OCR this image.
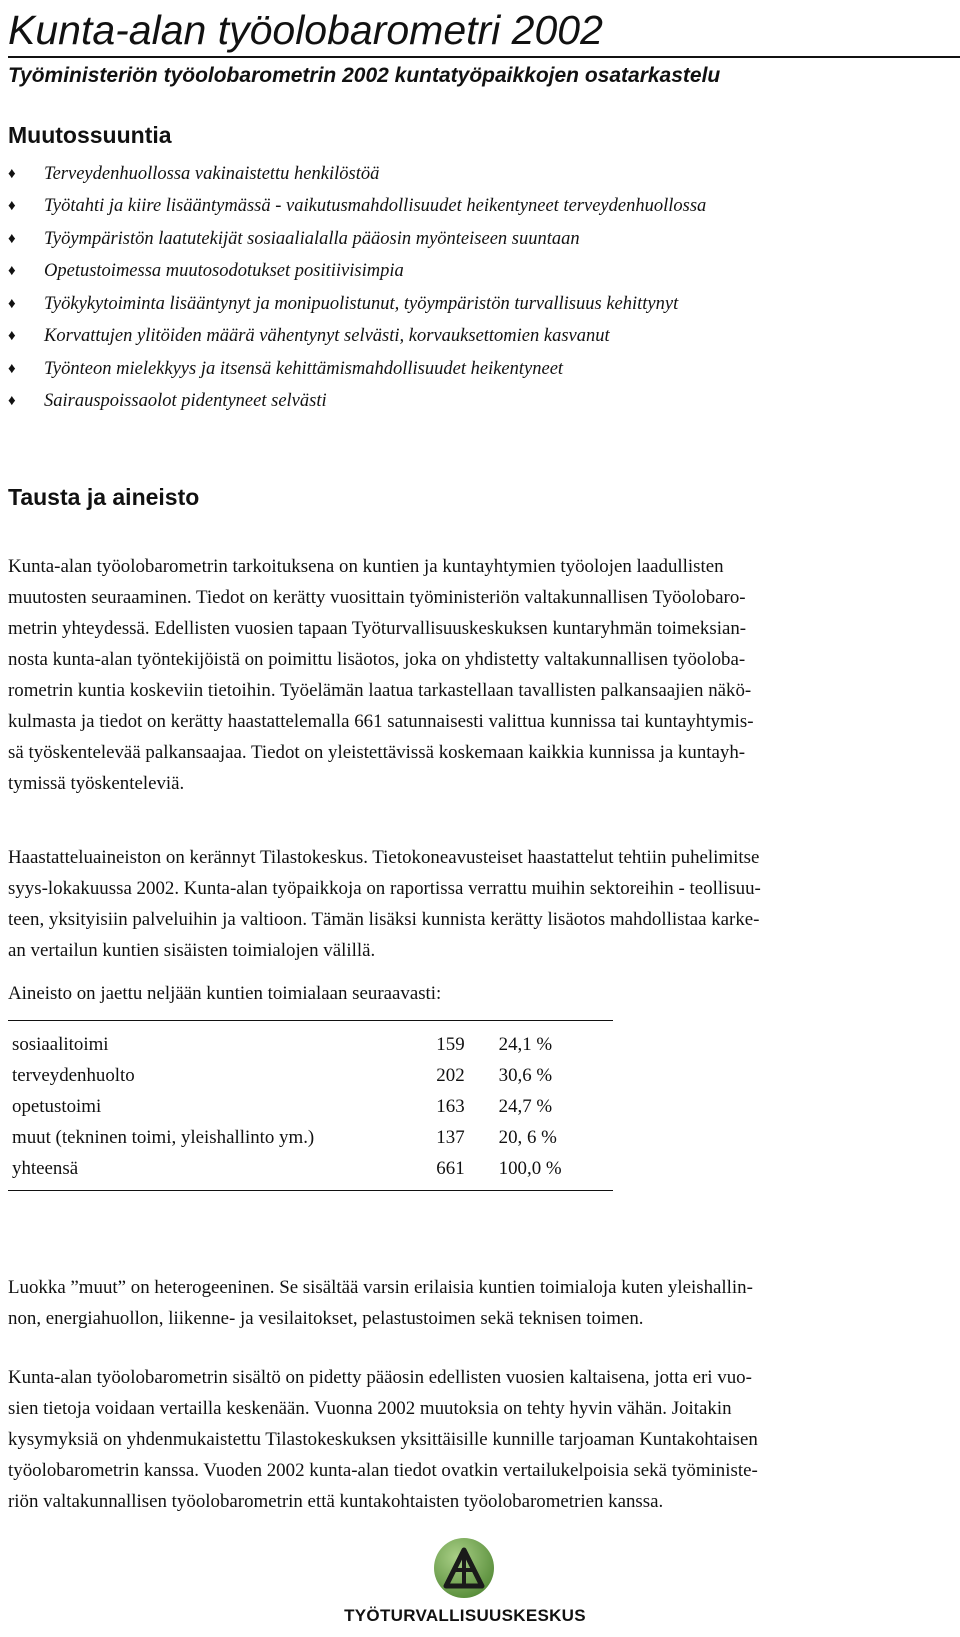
Kunta-alan työolobarometri 2002
Työministeriön työolobarometrin 2002 kuntatyöpaikkojen osatarkastelu
Muutossuuntia
♦	Terveydenhuollossa vakinaistettu henkilöstöä
♦	Työtahti ja kiire lisääntymässä - vaikutusmahdollisuudet heikentyneet terveydenhuollossa
♦	Työympäristön laatutekijät sosiaalialalla pääosin myönteiseen suuntaan
♦	Opetustoimessa muutosodotukset positiivisimpia
♦	Työkykytoiminta lisääntynyt ja monipuolistunut, työympäristön turvallisuus kehittynyt
♦	Korvattujen ylitöiden määrä vähentynyt selvästi, korvauksettomien kasvanut
♦	Työnteon mielekkyys ja itsensä kehittämismahdollisuudet heikentyneet
♦	Sairauspoissaolot pidentyneet selvästi
Tausta ja aineisto
Kunta-alan työolobarometrin tarkoituksena on kuntien ja kuntayhtymien työolojen laadullisten
muutosten seuraaminen. Tiedot on kerätty vuosittain työministeriön valtakunnallisen Työolobaro-
metrin yhteydessä. Edellisten vuosien tapaan Työturvallisuuskeskuksen kuntaryhmän toimeksian-
nosta kunta-alan työntekijöistä on poimittu lisäotos, joka on yhdistetty valtakunnallisen työoloba-
rometrin kuntia koskeviin tietoihin. Työelämän laatua tarkastellaan tavallisten palkansaajien näkö-
kulmasta ja tiedot on kerätty haastattelemalla 661 satunnaisesti valittua kunnissa tai kuntayhtymis-
sä työskentelevää palkansaajaa. Tiedot on yleistettävissä koskemaan kaikkia kunnissa ja kuntayh-
tymissä työskenteleviä.
Haastatteluaineiston on kerännyt Tilastokeskus. Tietokoneavusteiset haastattelut tehtiin puhelimitse
syys-lokakuussa 2002. Kunta-alan työpaikkoja on raportissa verrattu muihin sektoreihin - teollisuu-
teen, yksityisiin palveluihin ja valtioon. Tämän lisäksi kunnista kerätty lisäotos mahdollistaa karke-
an vertailun kuntien sisäisten toimialojen välillä.
Aineisto on jaettu neljään kuntien toimialaan seuraavasti:
sosiaalitoimi	159	24,1 %
terveydenhuolto	202	30,6 %
opetustoimi	163	24,7 %
muut (tekninen toimi, yleishallinto ym.)	137	20, 6 %
yhteensä	661	100,0 %
Luokka ”muut” on heterogeeninen. Se sisältää varsin erilaisia kuntien toimialoja kuten yleishallin-
non, energiahuollon, liikenne- ja vesilaitokset, pelastustoimen sekä teknisen toimen.
Kunta-alan työolobarometrin sisältö on pidetty pääosin edellisten vuosien kaltaisena, jotta eri vuo-
sien tietoja voidaan vertailla keskenään. Vuonna 2002 muutoksia on tehty hyvin vähän. Joitakin
kysymyksiä on yhdenmukaistettu Tilastokeskuksen yksittäisille kunnille tarjoaman Kuntakohtaisen
työolobarometrin kanssa. Vuoden 2002 kunta-alan tiedot ovatkin vertailukelpoisia sekä työministe-
riön valtakunnallisen työolobarometrin että kuntakohtaisten työolobarometrien kanssa.
TYÖTURVALLISUUSKESKUS
